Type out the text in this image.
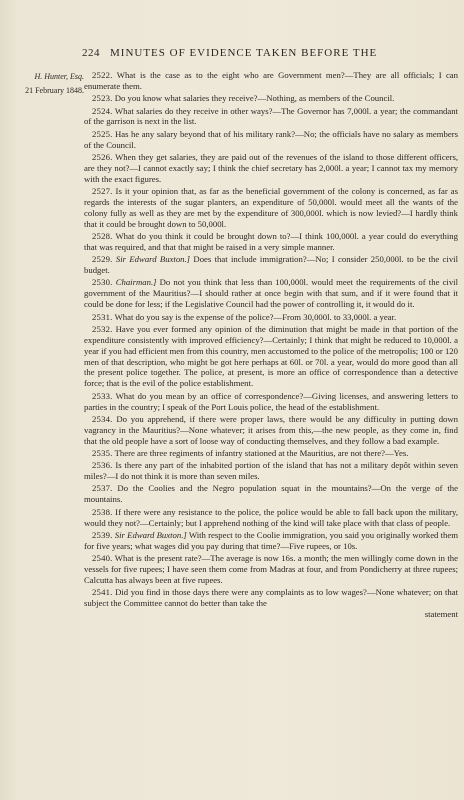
224 MINUTES OF EVIDENCE TAKEN BEFORE THE
H. Hunter, Esq.
21 February 1848.

2522. What is the case as to the eight who are Government men?—They are all officials; I can enumerate them.

2523. Do you know what salaries they receive?—Nothing, as members of the Council.

2524. What salaries do they receive in other ways?—The Governor has 7,000l. a year; the commandant of the garrison is next in the list.

2525. Has he any salary beyond that of his military rank?—No; the officials have no salary as members of the Council.

2526. When they get salaries, they are paid out of the revenues of the island to those different officers, are they not?—I cannot exactly say; I think the chief secretary has 2,000l. a year; I cannot tax my memory with the exact figures.

2527. Is it your opinion that, as far as the beneficial government of the colony is concerned, as far as regards the interests of the sugar planters, an expenditure of 50,000l. would meet all the wants of the colony fully as well as they are met by the expenditure of 300,000l. which is now levied?—I hardly think that it could be brought down to 50,000l.

2528. What do you think it could be brought down to?—I think 100,000l. a year could do everything that was required, and that that might be raised in a very simple manner.

2529. Sir Edward Buxton.] Does that include immigration?—No; I consider 250,000l. to be the civil budget.

2530. Chairman.] Do not you think that less than 100,000l. would meet the requirements of the civil government of the Mauritius?—I should rather at once begin with that sum, and if it were found that it could be done for less; if the Legislative Council had the power of controlling it, it would do it.

2531. What do you say is the expense of the police?—From 30,000l. to 33,000l. a year.

2532. Have you ever formed any opinion of the diminution that might be made in that portion of the expenditure consistently with improved efficiency?—Certainly; I think that might be reduced to 10,000l. a year if you had efficient men from this country, men accustomed to the police of the metropolis; 100 or 120 men of that description, who might be got here perhaps at 60l. or 70l. a year, would do more good than all the present police together. The police, at present, is more an office of correspondence than a detective force; that is the evil of the police establishment.

2533. What do you mean by an office of correspondence?—Giving licenses, and answering letters to parties in the country; I speak of the Port Louis police, the head of the establishment.

2534. Do you apprehend, if there were proper laws, there would be any difficulty in putting down vagrancy in the Mauritius?—None whatever; it arises from this,—the new people, as they come in, find that the old people have a sort of loose way of conducting themselves, and they follow a bad example.

2535. There are three regiments of infantry stationed at the Mauritius, are not there?—Yes.

2536. Is there any part of the inhabited portion of the island that has not a military depôt within seven miles?—I do not think it is more than seven miles.

2537. Do the Coolies and the Negro population squat in the mountains?—On the verge of the mountains.

2538. If there were any resistance to the police, the police would be able to fall back upon the military, would they not?—Certainly; but I apprehend nothing of the kind will take place with that class of people.

2539. Sir Edward Buxton.] With respect to the Coolie immigration, you said you originally worked them for five years; what wages did you pay during that time?—Five rupees, or 10s.

2540. What is the present rate?—The average is now 16s. a month; the men willingly come down in the vessels for five rupees; I have seen them come from Madras at four, and from Pondicherry at three rupees; Calcutta has always been at five rupees.

2541. Did you find in those days there were any complaints as to low wages?—None whatever; on that subject the Committee cannot do better than take the

statement
